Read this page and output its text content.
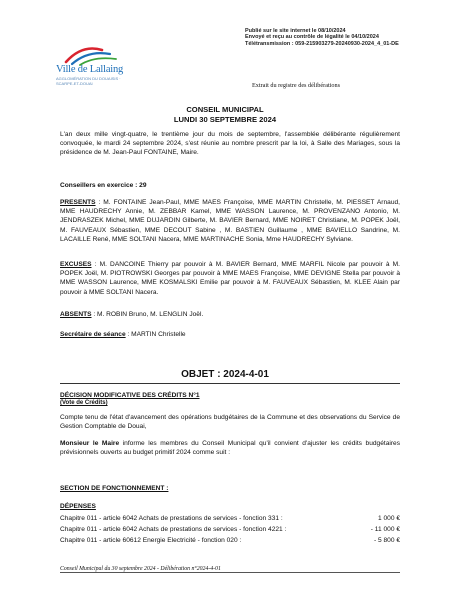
Publié sur le site internet le 08/10/2024
Envoyé et reçu au contrôle de légalité le 04/10/2024
Télétransmission : 059-215903279-20240930-2024_4_01-DE
Ville de Lallaing
AGGLOMÉRATION DU DOUAISIS · SCARPE-ET-DOUAI	Extrait du registre des délibérations
CONSEIL MUNICIPAL
LUNDI 30 SEPTEMBRE 2024
L'an deux mille vingt-quatre, le trentième jour du mois de septembre, l'assemblée délibérante régulièrement convoquée, le mardi 24 septembre 2024, s'est réunie au nombre prescrit par la loi, à Salle des Mariages, sous la présidence de M. Jean-Paul FONTAINE, Maire.
Conseillers en exercice : 29
PRESENTS : M. FONTAINE Jean-Paul, MME MAES Françoise, MME MARTIN Christelle, M. PIESSET Arnaud, MME HAUDRECHY Annie, M. ZEBBAR Kamel, MME WASSON Laurence, M. PROVENZANO Antonio, M. JENDRASZEK Michel, MME DUJARDIN Gilberte, M. BAVIER Bernard, MME NOIRET Christiane, M. POPEK Joël, M. FAUVEAUX Sébastien, MME DECOUT Sabine , M. BASTIEN Guillaume , MME BAVIELLO Sandrine, M. LACAILLE René, MME SOLTANI Nacera, MME MARTINACHE Sonia, Mme HAUDRECHY Sylviane.
EXCUSES : M. DANCOINE Thierry par pouvoir à M. BAVIER Bernard, MME MARFIL Nicole par pouvoir à M. POPEK Joël, M. PIOTROWSKI Georges par pouvoir à MME MAES Françoise, MME DEVIGNE Stella par pouvoir à MME WASSON Laurence, MME KOSMALSKI Emilie par pouvoir à M. FAUVEAUX Sébastien, M. KLEE Alain par pouvoir à MME SOLTANI Nacera.
ABSENTS : M. ROBIN Bruno, M. LENGLIN Joël.
Secrétaire de séance : MARTIN Christelle
OBJET : 2024-4-01
DÉCISION MODIFICATIVE DES CRÉDITS N°1
(Vote de Crédits)
Compte tenu de l'état d'avancement des opérations budgétaires de la Commune et des observations du Service de Gestion Comptable de Douai,
Monsieur le Maire informe les membres du Conseil Municipal qu'il convient d'ajuster les crédits budgétaires prévisionnels ouverts au budget primitif 2024 comme suit :
SECTION DE FONCTIONNEMENT :
DÉPENSES
Chapitre 011 - article 6042 Achats de prestations de services - fonction 331 :	1 000 €
Chapitre 011 - article 6042 Achats de prestations de services - fonction 4221 :	- 11 000 €
Chapitre 011 - article 60612 Energie Electricité - fonction 020 :	- 5 800 €
Conseil Municipal du 30 septembre 2024 - Délibération n°2024-4-01
